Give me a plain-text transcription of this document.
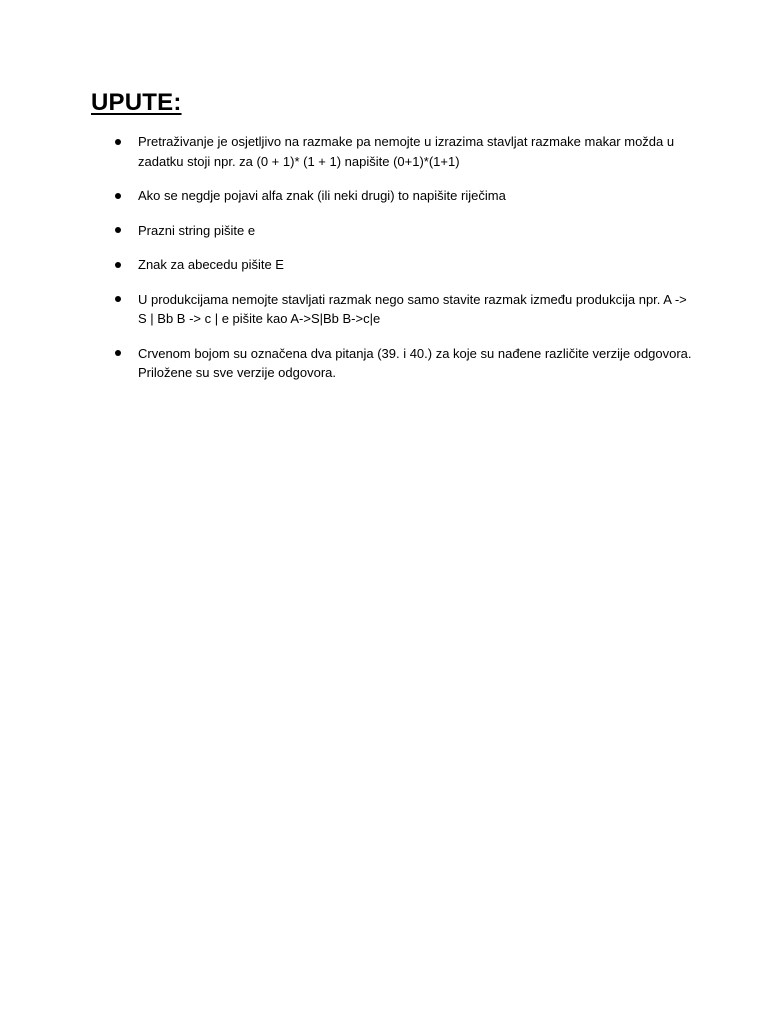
UPUTE:
Pretraživanje je osjetljivo na razmake pa nemojte u izrazima stavljat razmake makar možda u zadatku stoji npr. za (0 + 1)* (1 + 1) napišite (0+1)*(1+1)
Ako se negdje pojavi alfa znak (ili neki drugi) to napišite riječima
Prazni string pišite e
Znak za abecedu pišite E
U produkcijama nemojte stavljati razmak nego samo stavite razmak između produkcija npr. A -> S | Bb B -> c | e pišite kao A->S|Bb B->c|e
Crvenom bojom su označena dva pitanja (39. i 40.) za koje su nađene različite verzije odgovora. Priložene su sve verzije odgovora.
